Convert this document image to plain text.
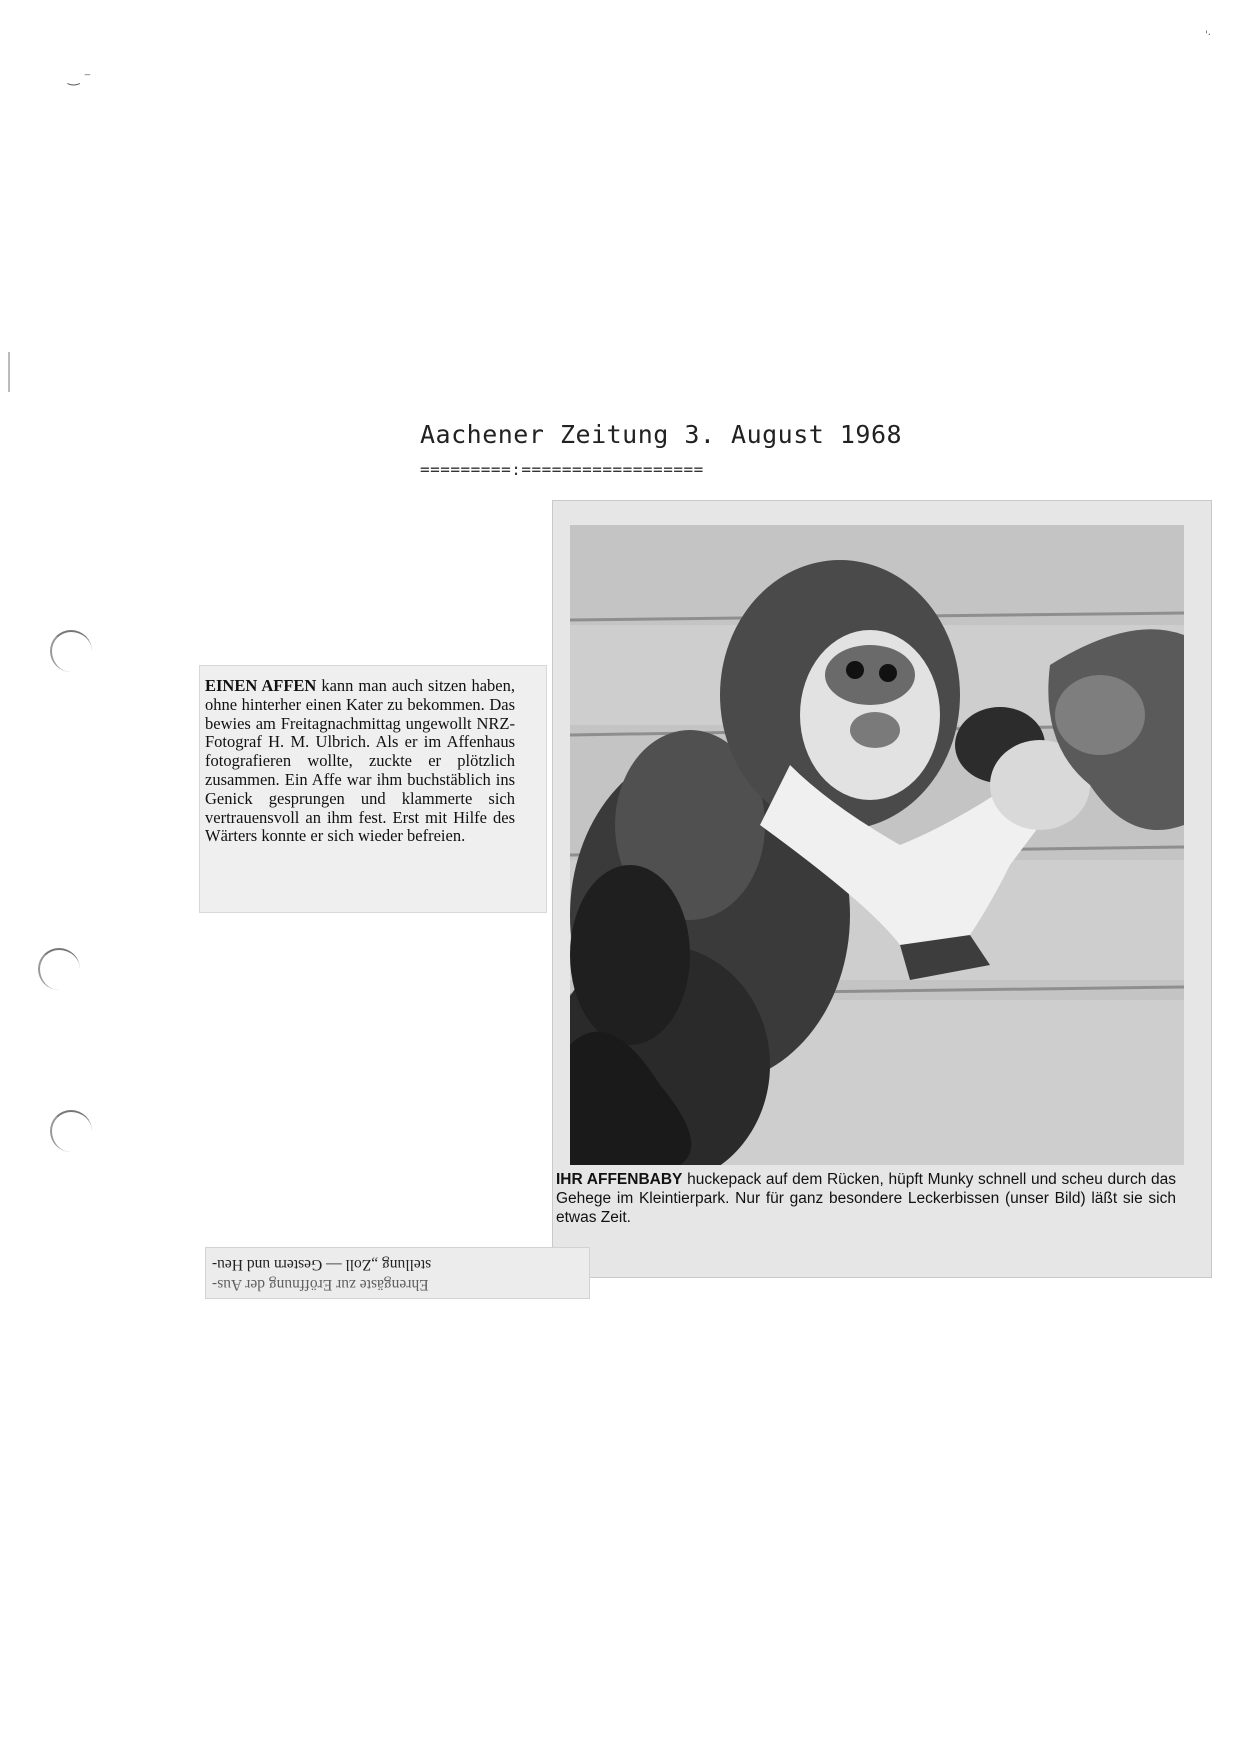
‿ ⁻
'·
Aachener Zeitung 3. August 1968
=========:==================
EINEN AFFEN kann man auch sitzen haben, ohne hinterher einen Kater zu bekommen. Das bewies am Freitagnachmittag ungewollt NRZ-Fotograf H. M. Ulbrich. Als er im Affenhaus fotografieren wollte, zuckte er plötzlich zusammen. Ein Affe war ihm buchstäblich ins Genick gesprungen und klammerte sich vertrauensvoll an ihm fest. Erst mit Hilfe des Wärters konnte er sich wieder befreien.
IHR AFFENBABY huckepack auf dem Rücken, hüpft Munky schnell und scheu durch das Gehege im Kleintierpark. Nur für ganz besondere Leckerbissen (unser Bild) läßt sie sich etwas Zeit.
stellung „Zoll — Gestern und Heu-
Ehrengäste zur Eröffnung der Aus-
